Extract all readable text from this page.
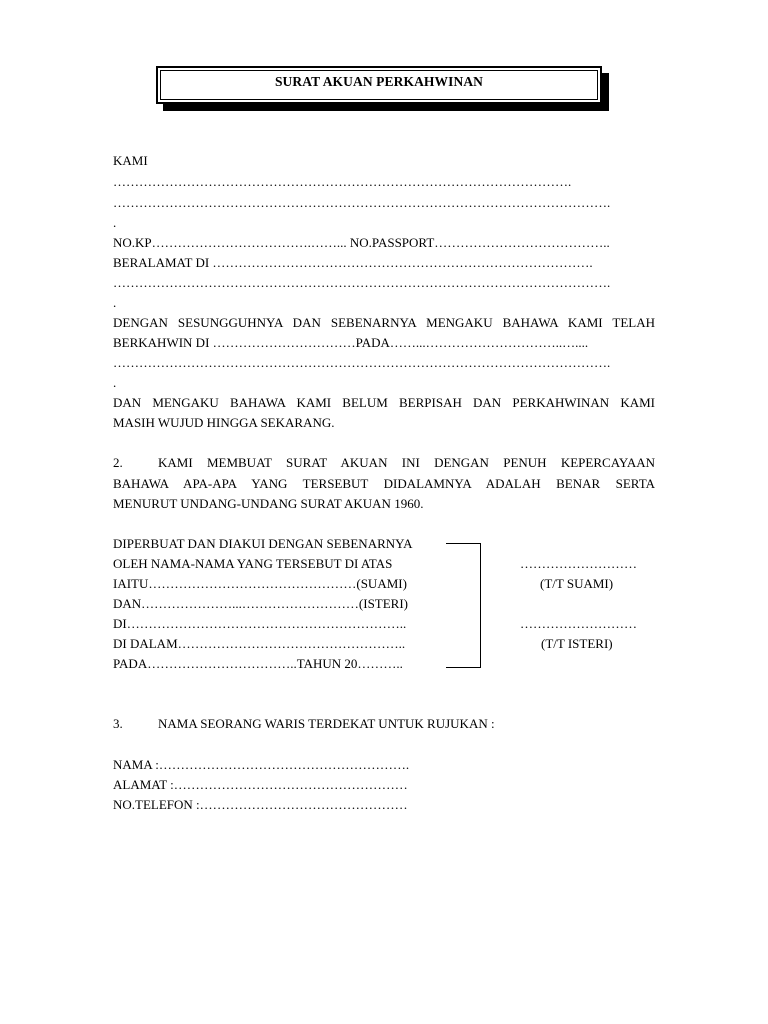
SURAT AKUAN PERKAHWINAN
KAMI
…………………………………………………………………………………………….
…………………………………………………………………………………………………….
.
NO.KP……………………………….……... NO.PASSPORT…………………………………..
BERALAMAT DI …………………………………………………………………………….
…………………………………………………………………………………………………….
.
DENGAN SESUNGGUHNYA DAN SEBENARNYA MENGAKU BAHAWA KAMI TELAH
BERKAHWIN DI ……………………………PADA……...…………………………..…....
…………………………………………………………………………………………………….
.
DAN MENGAKU BAHAWA KAMI BELUM BERPISAH DAN PERKAHWINAN KAMI
MASIH WUJUD HINGGA SEKARANG.
2.	KAMI MEMBUAT SURAT AKUAN INI DENGAN PENUH KEPERCAYAAN
BAHAWA APA-APA YANG TERSEBUT DIDALAMNYA ADALAH BENAR SERTA
MENURUT UNDANG-UNDANG SURAT AKUAN 1960.
DIPERBUAT DAN DIAKUI DENGAN SEBENARNYA
OLEH NAMA-NAMA YANG TERSEBUT DI ATAS
IAITU…………………………………………(SUAMI)
DAN…………………...………………………(ISTERI)
DI………………………………………………………..
DI DALAM……………………………………………..
PADA……………………………..TAHUN 20………..
………………………
(T/T SUAMI)
………………………
(T/T ISTERI)
3.	NAMA SEORANG WARIS TERDEKAT UNTUK RUJUKAN :
NAMA :………………………………………………….
ALAMAT :………………………………………………
NO.TELEFON :…………………………………………
